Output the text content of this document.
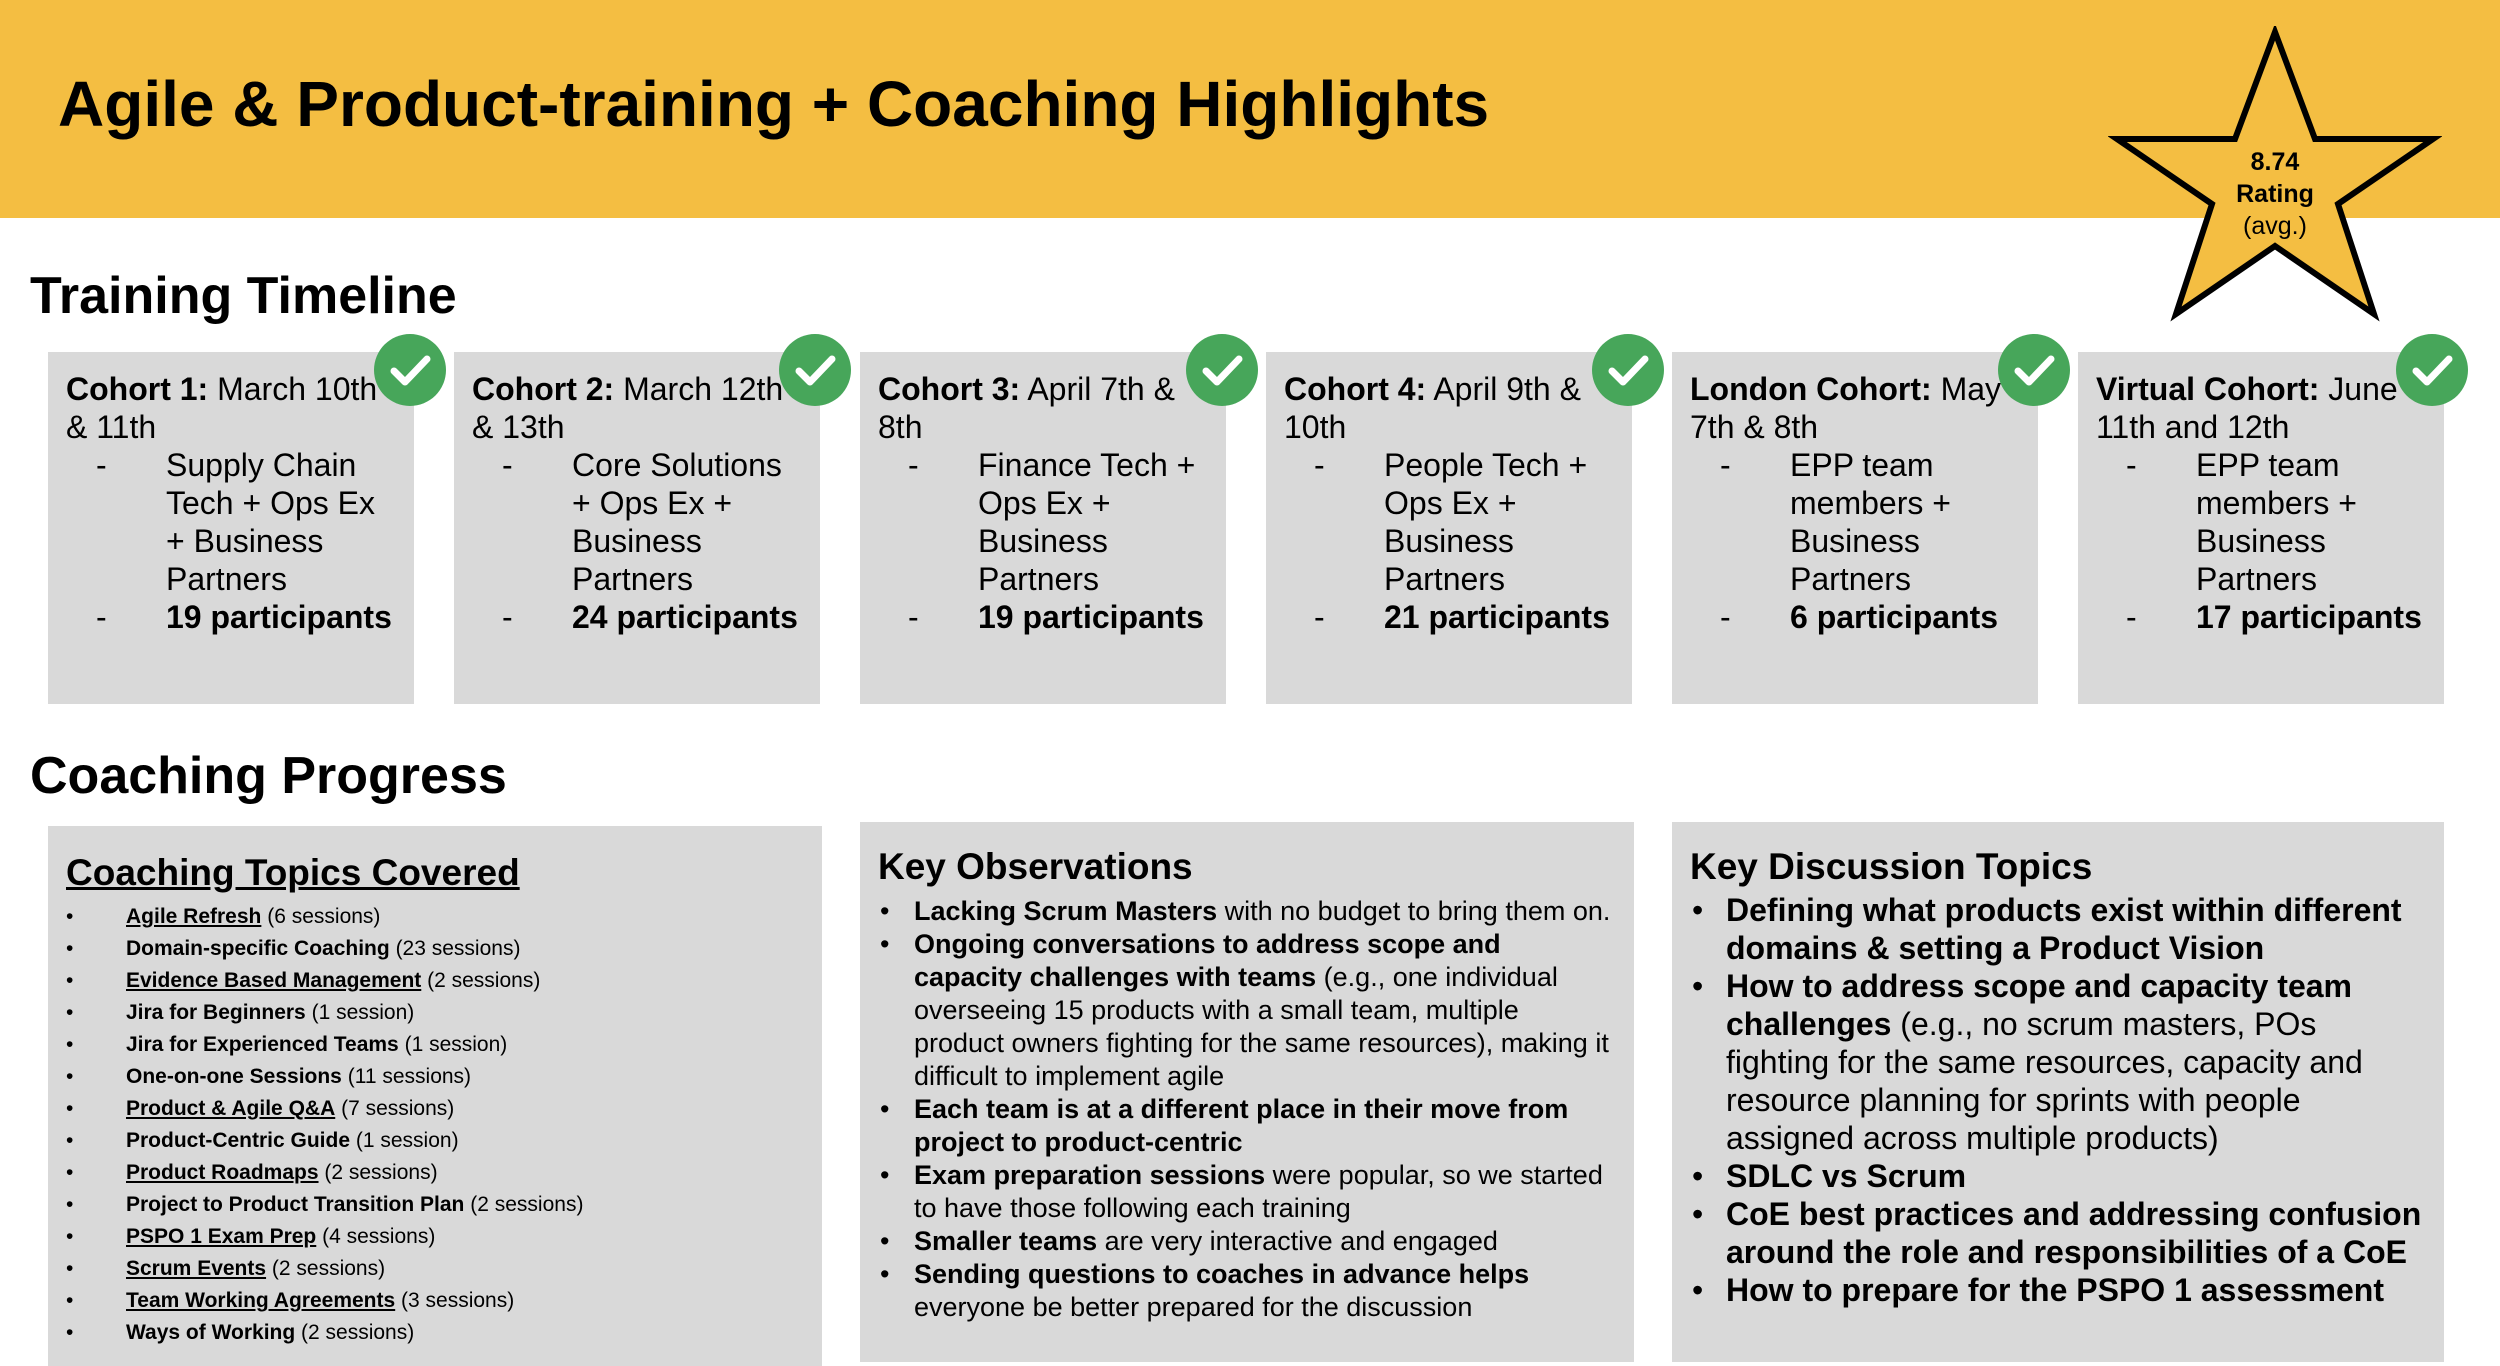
Agile & Product-training + Coaching Highlights
8.74
Rating
(avg.)
Training Timeline
Cohort 1: March 10th & 11th
- Supply Chain Tech + Ops Ex + Business Partners
- 19 participants
Cohort 2: March 12th & 13th
- Core Solutions + Ops Ex + Business Partners
- 24 participants
Cohort 3: April 7th & 8th
- Finance Tech + Ops Ex + Business Partners
- 19 participants
Cohort 4: April 9th & 10th
- People Tech + Ops Ex + Business Partners
- 21 participants
London Cohort: May 7th & 8th
- EPP team members + Business Partners
- 6 participants
Virtual Cohort: June 11th and 12th
- EPP team members + Business Partners
- 17 participants
Coaching Progress
Coaching Topics Covered
• Agile Refresh (6 sessions)
• Domain-specific Coaching (23 sessions)
• Evidence Based Management (2 sessions)
• Jira for Beginners (1 session)
• Jira for Experienced Teams (1 session)
• One-on-one Sessions (11 sessions)
• Product & Agile Q&A (7 sessions)
• Product-Centric Guide (1 session)
• Product Roadmaps (2 sessions)
• Project to Product Transition Plan (2 sessions)
• PSPO 1 Exam Prep (4 sessions)
• Scrum Events (2 sessions)
• Team Working Agreements (3 sessions)
• Ways of Working (2 sessions)
Key Observations
• Lacking Scrum Masters with no budget to bring them on.
• Ongoing conversations to address scope and capacity challenges with teams (e.g., one individual overseeing 15 products with a small team, multiple product owners fighting for the same resources), making it difficult to implement agile
• Each team is at a different place in their move from project to product-centric
• Exam preparation sessions were popular, so we started to have those following each training
• Smaller teams are very interactive and engaged
• Sending questions to coaches in advance helps everyone be better prepared for the discussion
Key Discussion Topics
• Defining what products exist within different domains & setting a Product Vision
• How to address scope and capacity team challenges (e.g., no scrum masters, POs fighting for the same resources, capacity and resource planning for sprints with people assigned across multiple products)
• SDLC vs Scrum
• CoE best practices and addressing confusion around the role and responsibilities of a CoE
• How to prepare for the PSPO 1 assessment
